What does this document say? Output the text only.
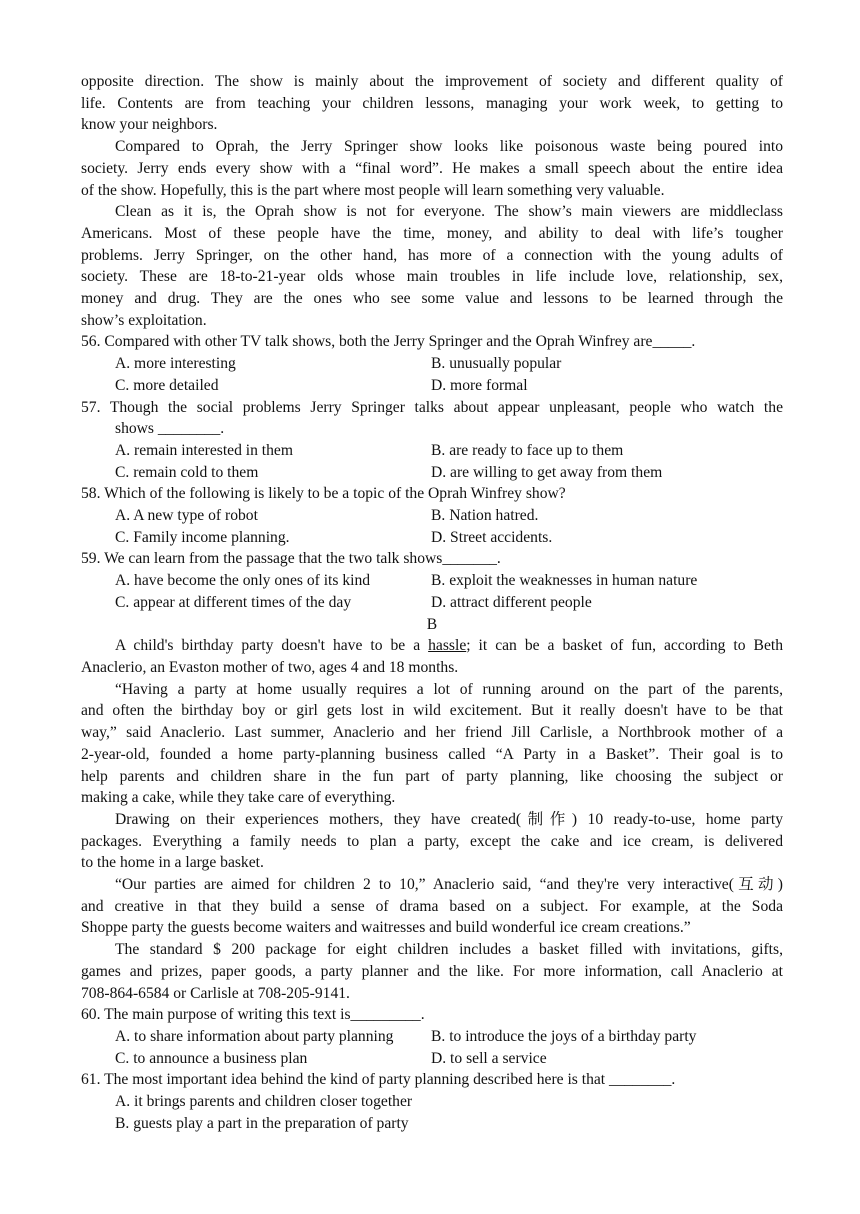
opposite direction. The show is mainly about the improvement of society and different quality of
life. Contents are from teaching your children lessons, managing your work week, to getting to
know your neighbors.
Compared to Oprah, the Jerry Springer show looks like poisonous waste being poured into
society. Jerry ends every show with a “final word”. He makes a small speech about the entire idea
of the show. Hopefully, this is the part where most people will learn something very valuable.
Clean as it is, the Oprah show is not for everyone. The show’s main viewers are middleclass
Americans. Most of these people have the time, money, and ability to deal with life’s tougher
problems. Jerry Springer, on the other hand, has more of a connection with the young adults of
society. These are 18-to-21-year olds whose main troubles in life include love, relationship, sex,
money and drug. They are the ones who see some value and lessons to be learned through the
show’s exploitation.
56. Compared with other TV talk shows, both the Jerry Springer and the Oprah Winfrey are_____.
A. more interesting	B. unusually popular
C. more detailed	D. more formal
57. Though the social problems Jerry Springer talks about appear unpleasant, people who watch the
shows ________.
A. remain interested in them	B. are ready to face up to them
C. remain cold to them	D. are willing to get away from them
58. Which of the following is likely to be a topic of the Oprah Winfrey show?
A. A new type of robot	B. Nation hatred.
C. Family income planning.	D. Street accidents.
59. We can learn from the passage that the two talk shows_______.
A. have become the only ones of its kind	B. exploit the weaknesses in human nature
C. appear at different times of the day	D. attract different people
B
A child's birthday party doesn't have to be a hassle; it can be a basket of fun, according to Beth
Anaclerio, an Evaston mother of two, ages 4 and 18 months.
“Having a party at home usually requires a lot of running around on the part of the parents,
and often the birthday boy or girl gets lost in wild excitement. But it really doesn't have to be that
way,” said Anaclerio. Last summer, Anaclerio and her friend Jill Carlisle, a Northbrook mother of a
2-year-old, founded a home party-planning business called “A Party in a Basket”. Their goal is to
help parents and children share in the fun part of party planning, like choosing the subject or
making a cake, while they take care of everything.
Drawing on their experiences mothers, they have created(制作) 10 ready-to-use, home party
packages. Everything a family needs to plan a party, except the cake and ice cream, is delivered
to the home in a large basket.
“Our parties are aimed for children 2 to 10,” Anaclerio said, “and they're very interactive(互动)
and creative in that they build a sense of drama based on a subject. For example, at the Soda
Shoppe party the guests become waiters and waitresses and build wonderful ice cream creations.”
The standard $ 200 package for eight children includes a basket filled with invitations, gifts,
games and prizes, paper goods, a party planner and the like. For more information, call Anaclerio at
708-864-6584 or Carlisle at 708-205-9141.
60. The main purpose of writing this text is_________.
A. to share information about party planning	B. to introduce the joys of a birthday party
C. to announce a business plan	D. to sell a service
61. The most important idea behind the kind of party planning described here is that ________.
A. it brings parents and children closer together
B. guests play a part in the preparation of party
